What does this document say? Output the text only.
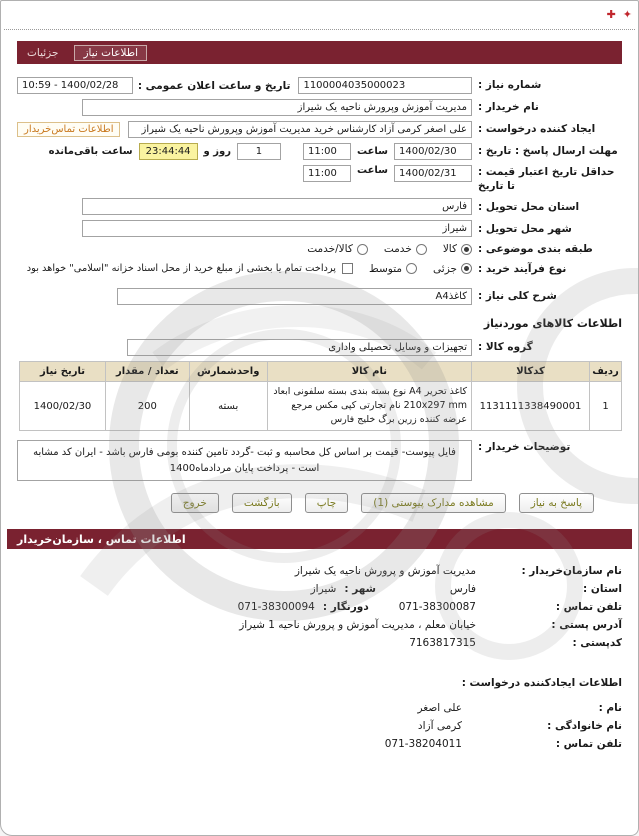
✦
✚
اطلاعات نیاز
جزئیات
شماره نیاز :
1100004035000023
تاریخ و ساعت اعلان عمومی :
10:59 - 1400/02/28
نام خریدار :
مدیریت آموزش وپرورش ناحیه یک شیراز
ایجاد کننده درخواست :
علی اصغر کرمی آزاد کارشناس خرید مدیریت آموزش وپرورش ناحیه یک شیراز
اطلاعات تماس‌خریدار
مهلت ارسال پاسخ : تاریخ :
1400/02/30
ساعت
11:00
1
روز و
23:44:44
ساعت باقی‌مانده
حداقل تاریخ اعتبار قیمت : تا تاریخ
1400/02/31
ساعت
11:00
استان محل تحویل :
فارس
شهر محل تحویل :
شیراز
طبقه بندی موضوعی :
کالا
خدمت
کالا/خدمت
نوع فرآیند خرید :
جزئی
متوسط
پرداخت تمام یا بخشی از مبلغ خرید از محل اسناد خزانه "اسلامی" خواهد بود
شرح کلی نیاز :
کاغذA4
اطلاعات کالاهای موردنیاز
گروه کالا :
تجهیزات و وسایل تحصیلی واداری
ردیف	کدکالا	نام کالا	واحدشمارش	تعداد / مقدار	تاریخ نیاز
1	1131111338490001	کاغذ تحریر A4 نوع بسته بندی بسته سلفونی ابعاد 210x297 mm نام تجارتی کپی مکس مرجع عرضه کننده زرین برگ خلیج فارس	بسته	200	1400/02/30
توضیحات خریدار :
فایل پیوست- قیمت بر اساس کل محاسبه و ثبت -گردد تامین کننده بومی فارس باشد - ایران کد مشابه است - پرداخت پایان مردادماه1400
پاسخ به نیاز
مشاهده مدارک پیوستی (1)
چاپ
بازگشت
خروج
اطلاعات تماس ، سازمان‌خریدار
نام سازمان‌خریدار :
مدیریت آموزش و پرورش ناحیه یک شیراز
استان :
فارس
شهر :
شیراز
تلفن تماس :
071-38300087
دورنگار :
071-38300094
آدرس پستی :
خیابان معلم ، مدیریت آموزش و پرورش ناحیه 1 شیراز
کدپستی :
7163817315
اطلاعات ایجادکننده درخواست :
نام :
علی اصغر
نام خانوادگی :
کرمی آزاد
تلفن تماس :
071-38204011
